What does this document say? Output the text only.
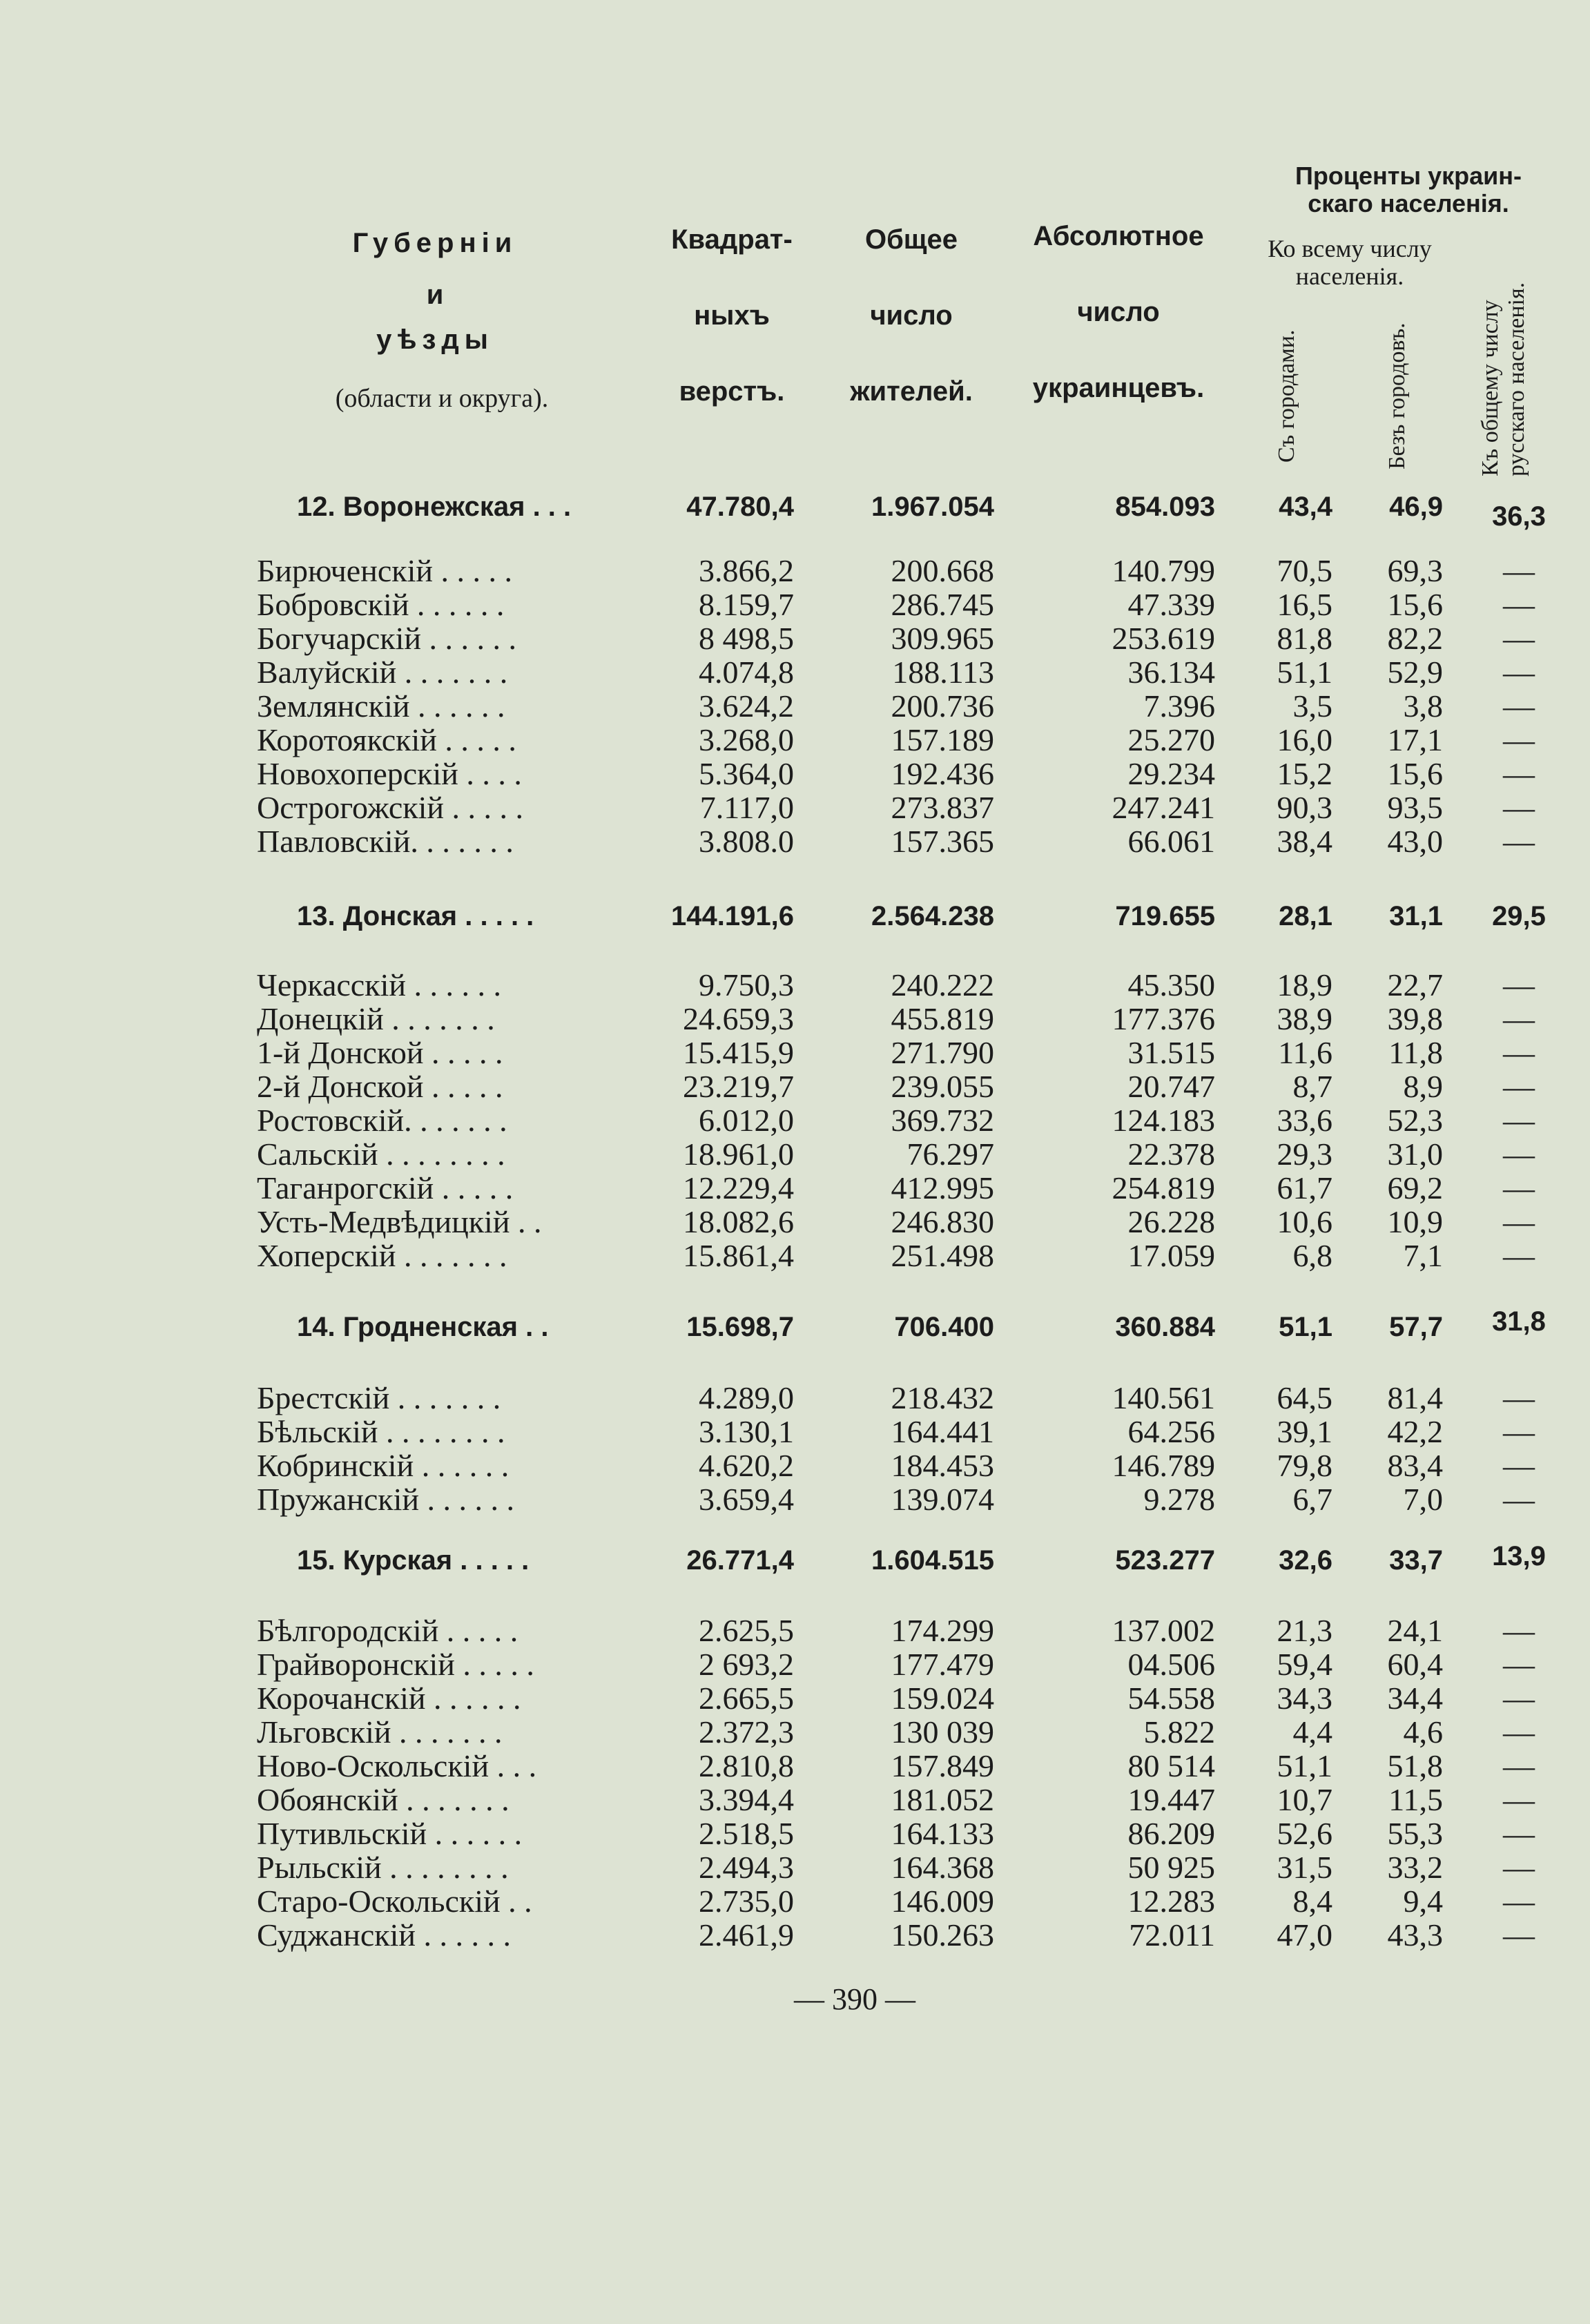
Губерніи
и
уѣзды
(области и округа).
Квадрат-
ныхъ
верстъ.
Общее
число
жителей.
Абсолютное
число
украинцевъ.
Проценты украин-
скаго населенія.
Ко всему числу
населенія.
Съ городами.	Безъ городовъ.	Къ общему числу русскаго населенія.
12. Воронежская . . .	47.780,4	1.967.054	854.093	43,4	46,9	36,3
Бирюченскій . . . . .	3.866,2	200.668	140.799	70,5	69,3	—
Бобровскій . . . . . .	8.159,7	286.745	47.339	16,5	15,6	—
Богучарскій . . . . . .	8 498,5	309.965	253.619	81,8	82,2	—
Валуйскій . . . . . . .	4.074,8	188.113	36.134	51,1	52,9	—
Землянскій . . . . . .	3.624,2	200.736	7.396	3,5	3,8	—
Коротоякскій . . . . .	3.268,0	157.189	25.270	16,0	17,1	—
Новохоперскій . . . .	5.364,0	192.436	29.234	15,2	15,6	—
Острогожскій . . . . .	7.117,0	273.837	247.241	90,3	93,5	—
Павловскій. . . . . . .	3.808.0	157.365	66.061	38,4	43,0	—
13. Донская . . . . .	144.191,6	2.564.238	719.655	28,1	31,1	29,5
Черкасскій . . . . . .	9.750,3	240.222	45.350	18,9	22,7	—
Донецкій . . . . . . .	24.659,3	455.819	177.376	38,9	39,8	—
1-й Донской . . . . .	15.415,9	271.790	31.515	11,6	11,8	—
2-й Донской . . . . .	23.219,7	239.055	20.747	8,7	8,9	—
Ростовскій. . . . . . .	6.012,0	369.732	124.183	33,6	52,3	—
Сальскій . . . . . . . .	18.961,0	76.297	22.378	29,3	31,0	—
Таганрогскій . . . . .	12.229,4	412.995	254.819	61,7	69,2	—
Усть-Медвѣдицкій . .	18.082,6	246.830	26.228	10,6	10,9	—
Хоперскій . . . . . . .	15.861,4	251.498	17.059	6,8	7,1	—
14. Гродненская . .	15.698,7	706.400	360.884	51,1	57,7	31,8
Брестскій . . . . . . .	4.289,0	218.432	140.561	64,5	81,4	—
Бѣльскій . . . . . . . .	3.130,1	164.441	64.256	39,1	42,2	—
Кобринскій . . . . . .	4.620,2	184.453	146.789	79,8	83,4	—
Пружанскій . . . . . .	3.659,4	139.074	9.278	6,7	7,0	—
15. Курская . . . . .	26.771,4	1.604.515	523.277	32,6	33,7	13,9
Бѣлгородскій . . . . .	2.625,5	174.299	137.002	21,3	24,1	—
Грайворонскій . . . . .	2 693,2	177.479	04.506	59,4	60,4	—
Корочанскій . . . . . .	2.665,5	159.024	54.558	34,3	34,4	—
Льговскій . . . . . . .	2.372,3	130 039	5.822	4,4	4,6	—
Ново-Оскольскій . . .	2.810,8	157.849	80 514	51,1	51,8	—
Обоянскій . . . . . . .	3.394,4	181.052	19.447	10,7	11,5	—
Путивльскій . . . . . .	2.518,5	164.133	86.209	52,6	55,3	—
Рыльскій . . . . . . . .	2.494,3	164.368	50 925	31,5	33,2	—
Старо-Оскольскій . .	2.735,0	146.009	12.283	8,4	9,4	—
Суджанскій . . . . . .	2.461,9	150.263	72.011	47,0	43,3	—
— 390 —
